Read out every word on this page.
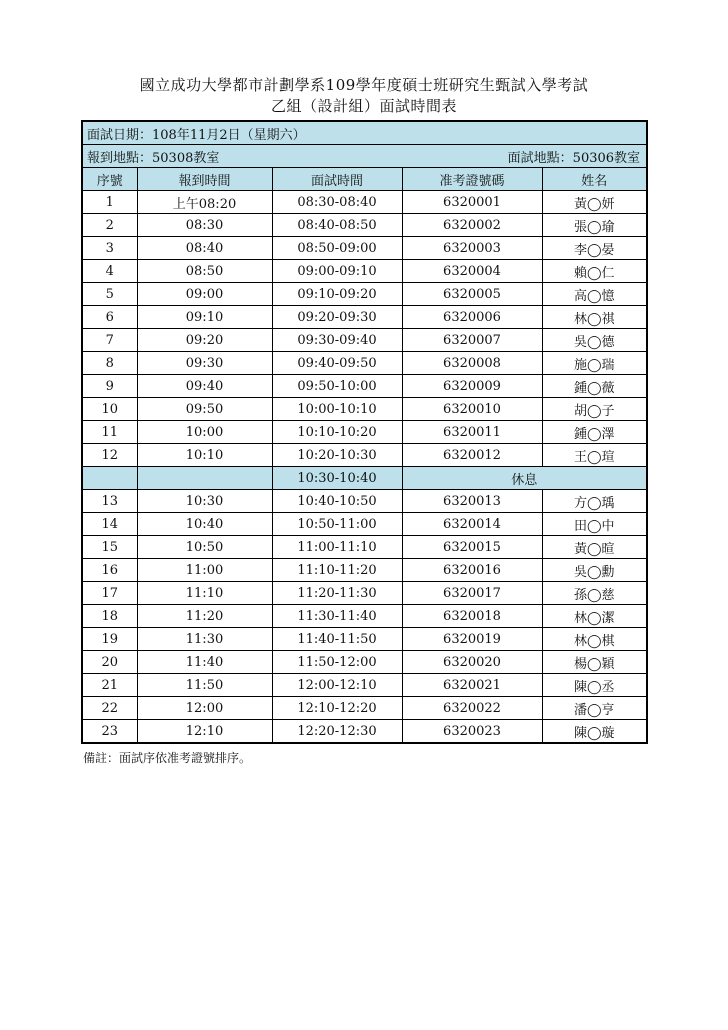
國立成功大學都市計劃學系109學年度碩士班研究生甄試入學考試
乙組（設計組）面試時間表
面試日期：108年11月2日（星期六）				
報到地點：50308教室 面試地點：50306教室				

序號	報到時間	面試時間	准考證號碼	姓名
1	上午08:20	08:30-08:40	6320001	黃◯妍
2	08:30	08:40-08:50	6320002	張◯瑜
3	08:40	08:50-09:00	6320003	李◯晏
4	08:50	09:00-09:10	6320004	賴◯仁
5	09:00	09:10-09:20	6320005	高◯憶
6	09:10	09:20-09:30	6320006	林◯祺
7	09:20	09:30-09:40	6320007	吳◯德
8	09:30	09:40-09:50	6320008	施◯瑞
9	09:40	09:50-10:00	6320009	鍾◯薇
10	09:50	10:00-10:10	6320010	胡◯子
11	10:00	10:10-10:20	6320011	鍾◯澤
12	10:10	10:20-10:30	6320012	王◯瑄
		10:30-10:40	休息	
13	10:30	10:40-10:50	6320013	方◯瑀
14	10:40	10:50-11:00	6320014	田◯中
15	10:50	11:00-11:10	6320015	黃◯暄
16	11:00	11:10-11:20	6320016	吳◯勳
17	11:10	11:20-11:30	6320017	孫◯慈
18	11:20	11:30-11:40	6320018	林◯潔
19	11:30	11:40-11:50	6320019	林◯棋
20	11:40	11:50-12:00	6320020	楊◯穎
21	11:50	12:00-12:10	6320021	陳◯丞
22	12:00	12:10-12:20	6320022	潘◯亨
23	12:10	12:20-12:30	6320023	陳◯璇
備註：面試序依准考證號排序。
